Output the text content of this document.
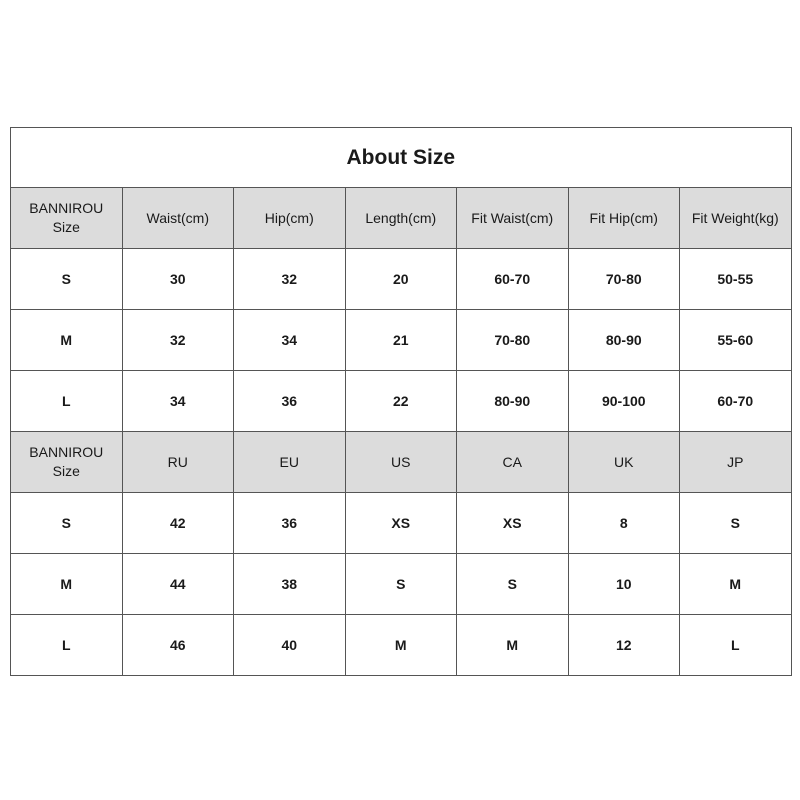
About Size						
BANNIROU
Size	Waist(cm)	Hip(cm)	Length(cm)	Fit Waist(cm)	Fit Hip(cm)	Fit Weight(kg)
S	30	32	20	60-70	70-80	50-55
M	32	34	21	70-80	80-90	55-60
L	34	36	22	80-90	90-100	60-70
BANNIROU
Size	RU	EU	US	CA	UK	JP
S	42	36	XS	XS	8	S
M	44	38	S	S	10	M
L	46	40	M	M	12	L
